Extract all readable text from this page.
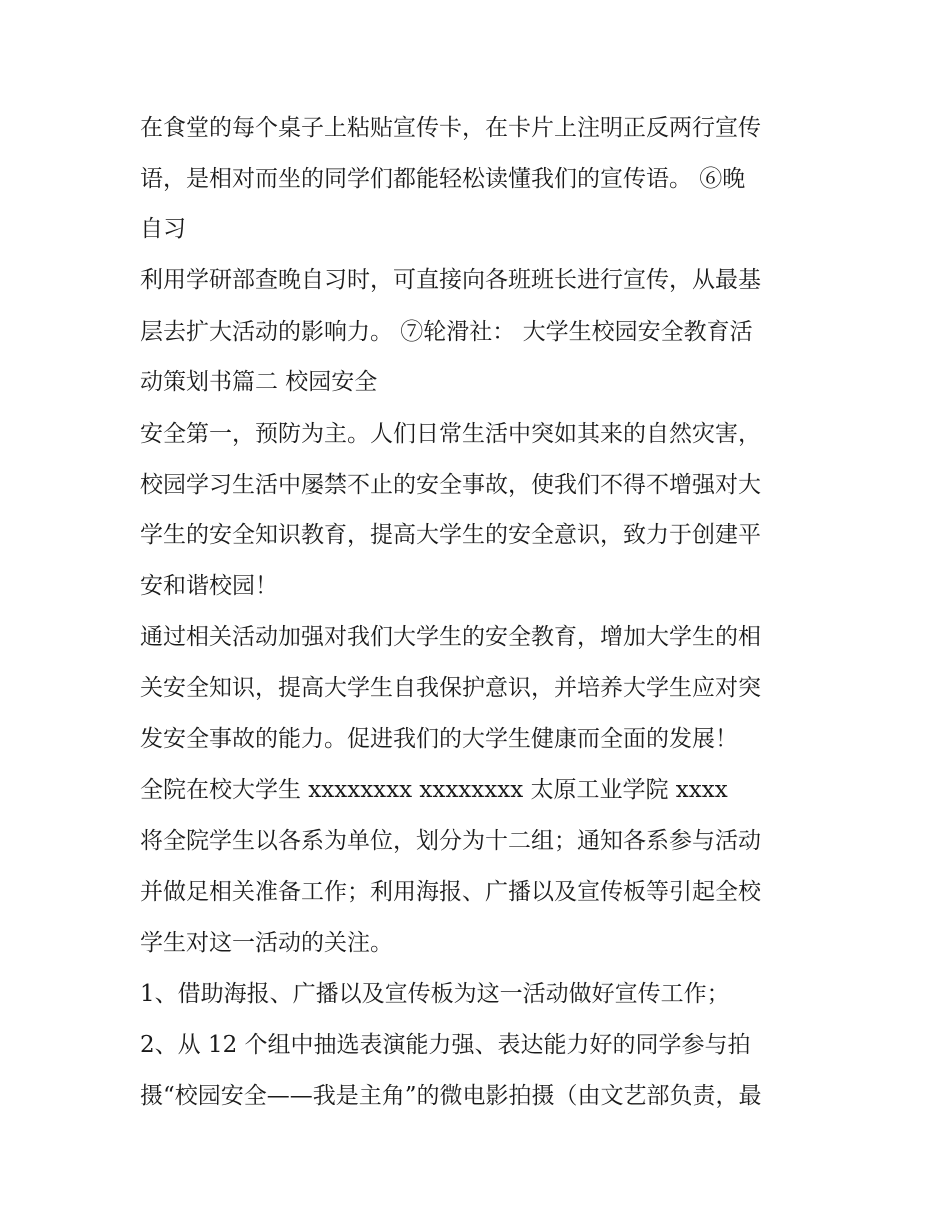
在食堂的每个桌子上粘贴宣传卡，在卡片上注明正反两行宣传
语，是相对而坐的同学们都能轻松读懂我们的宣传语。 ⑥晚
自习
利用学研部查晚自习时，可直接向各班班长进行宣传，从最基
层去扩大活动的影响力。 ⑦轮滑社： 大学生校园安全教育活
动策划书篇二 校园安全
安全第一，预防为主。人们日常生活中突如其来的自然灾害，
校园学习生活中屡禁不止的安全事故，使我们不得不增强对大
学生的安全知识教育，提高大学生的安全意识，致力于创建平
安和谐校园！
通过相关活动加强对我们大学生的安全教育，增加大学生的相
关安全知识，提高大学生自我保护意识，并培养大学生应对突
发安全事故的能力。促进我们的大学生健康而全面的发展！
全院在校大学生 xxxxxxxx xxxxxxxx 太原工业学院 xxxx
将全院学生以各系为单位，划分为十二组；通知各系参与活动
并做足相关准备工作；利用海报、广播以及宣传板等引起全校
学生对这一活动的关注。
1、借助海报、广播以及宣传板为这一活动做好宣传工作；
2、从 12 个组中抽选表演能力强、表达能力好的同学参与拍
摄“校园安全——我是主角”的微电影拍摄（由文艺部负责，最
